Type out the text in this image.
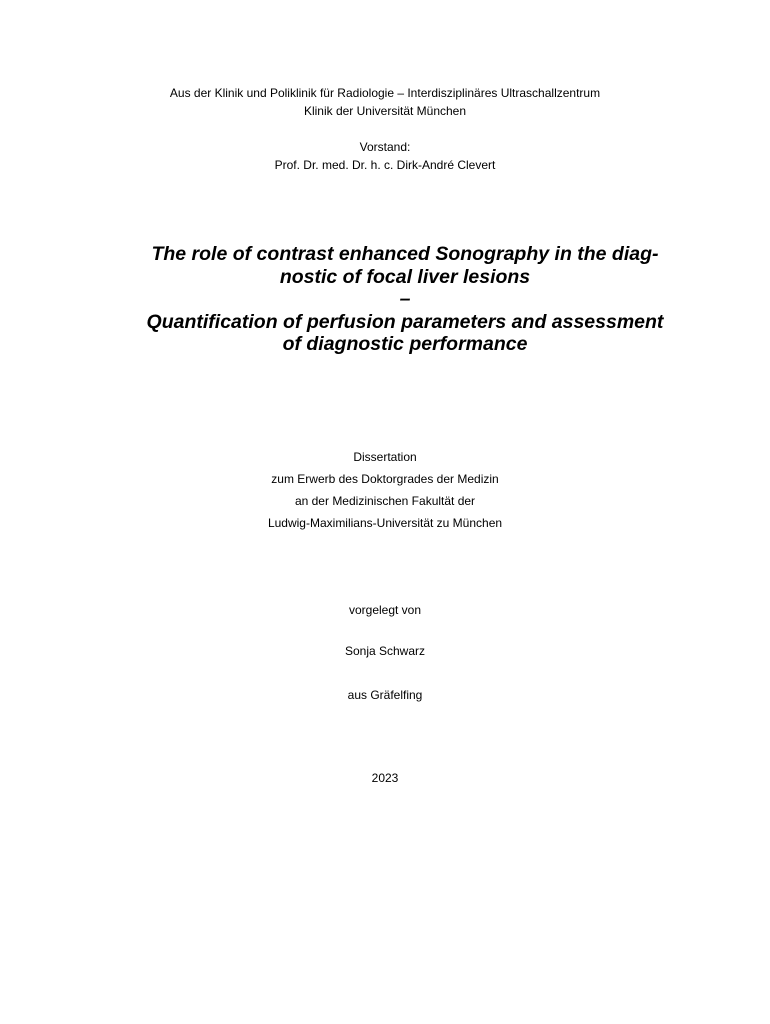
Aus der Klinik und Poliklinik für Radiologie – Interdisziplinäres Ultraschallzentrum
Klinik der Universität München
Vorstand:
Prof. Dr. med. Dr. h. c. Dirk-André Clevert
The role of contrast enhanced Sonography in the diag-
nostic of focal liver lesions
–
Quantification of perfusion parameters and assessment
of diagnostic performance
Dissertation
zum Erwerb des Doktorgrades der Medizin
an der Medizinischen Fakultät der
Ludwig-Maximilians-Universität zu München
vorgelegt von
Sonja Schwarz
aus Gräfelfing
2023
